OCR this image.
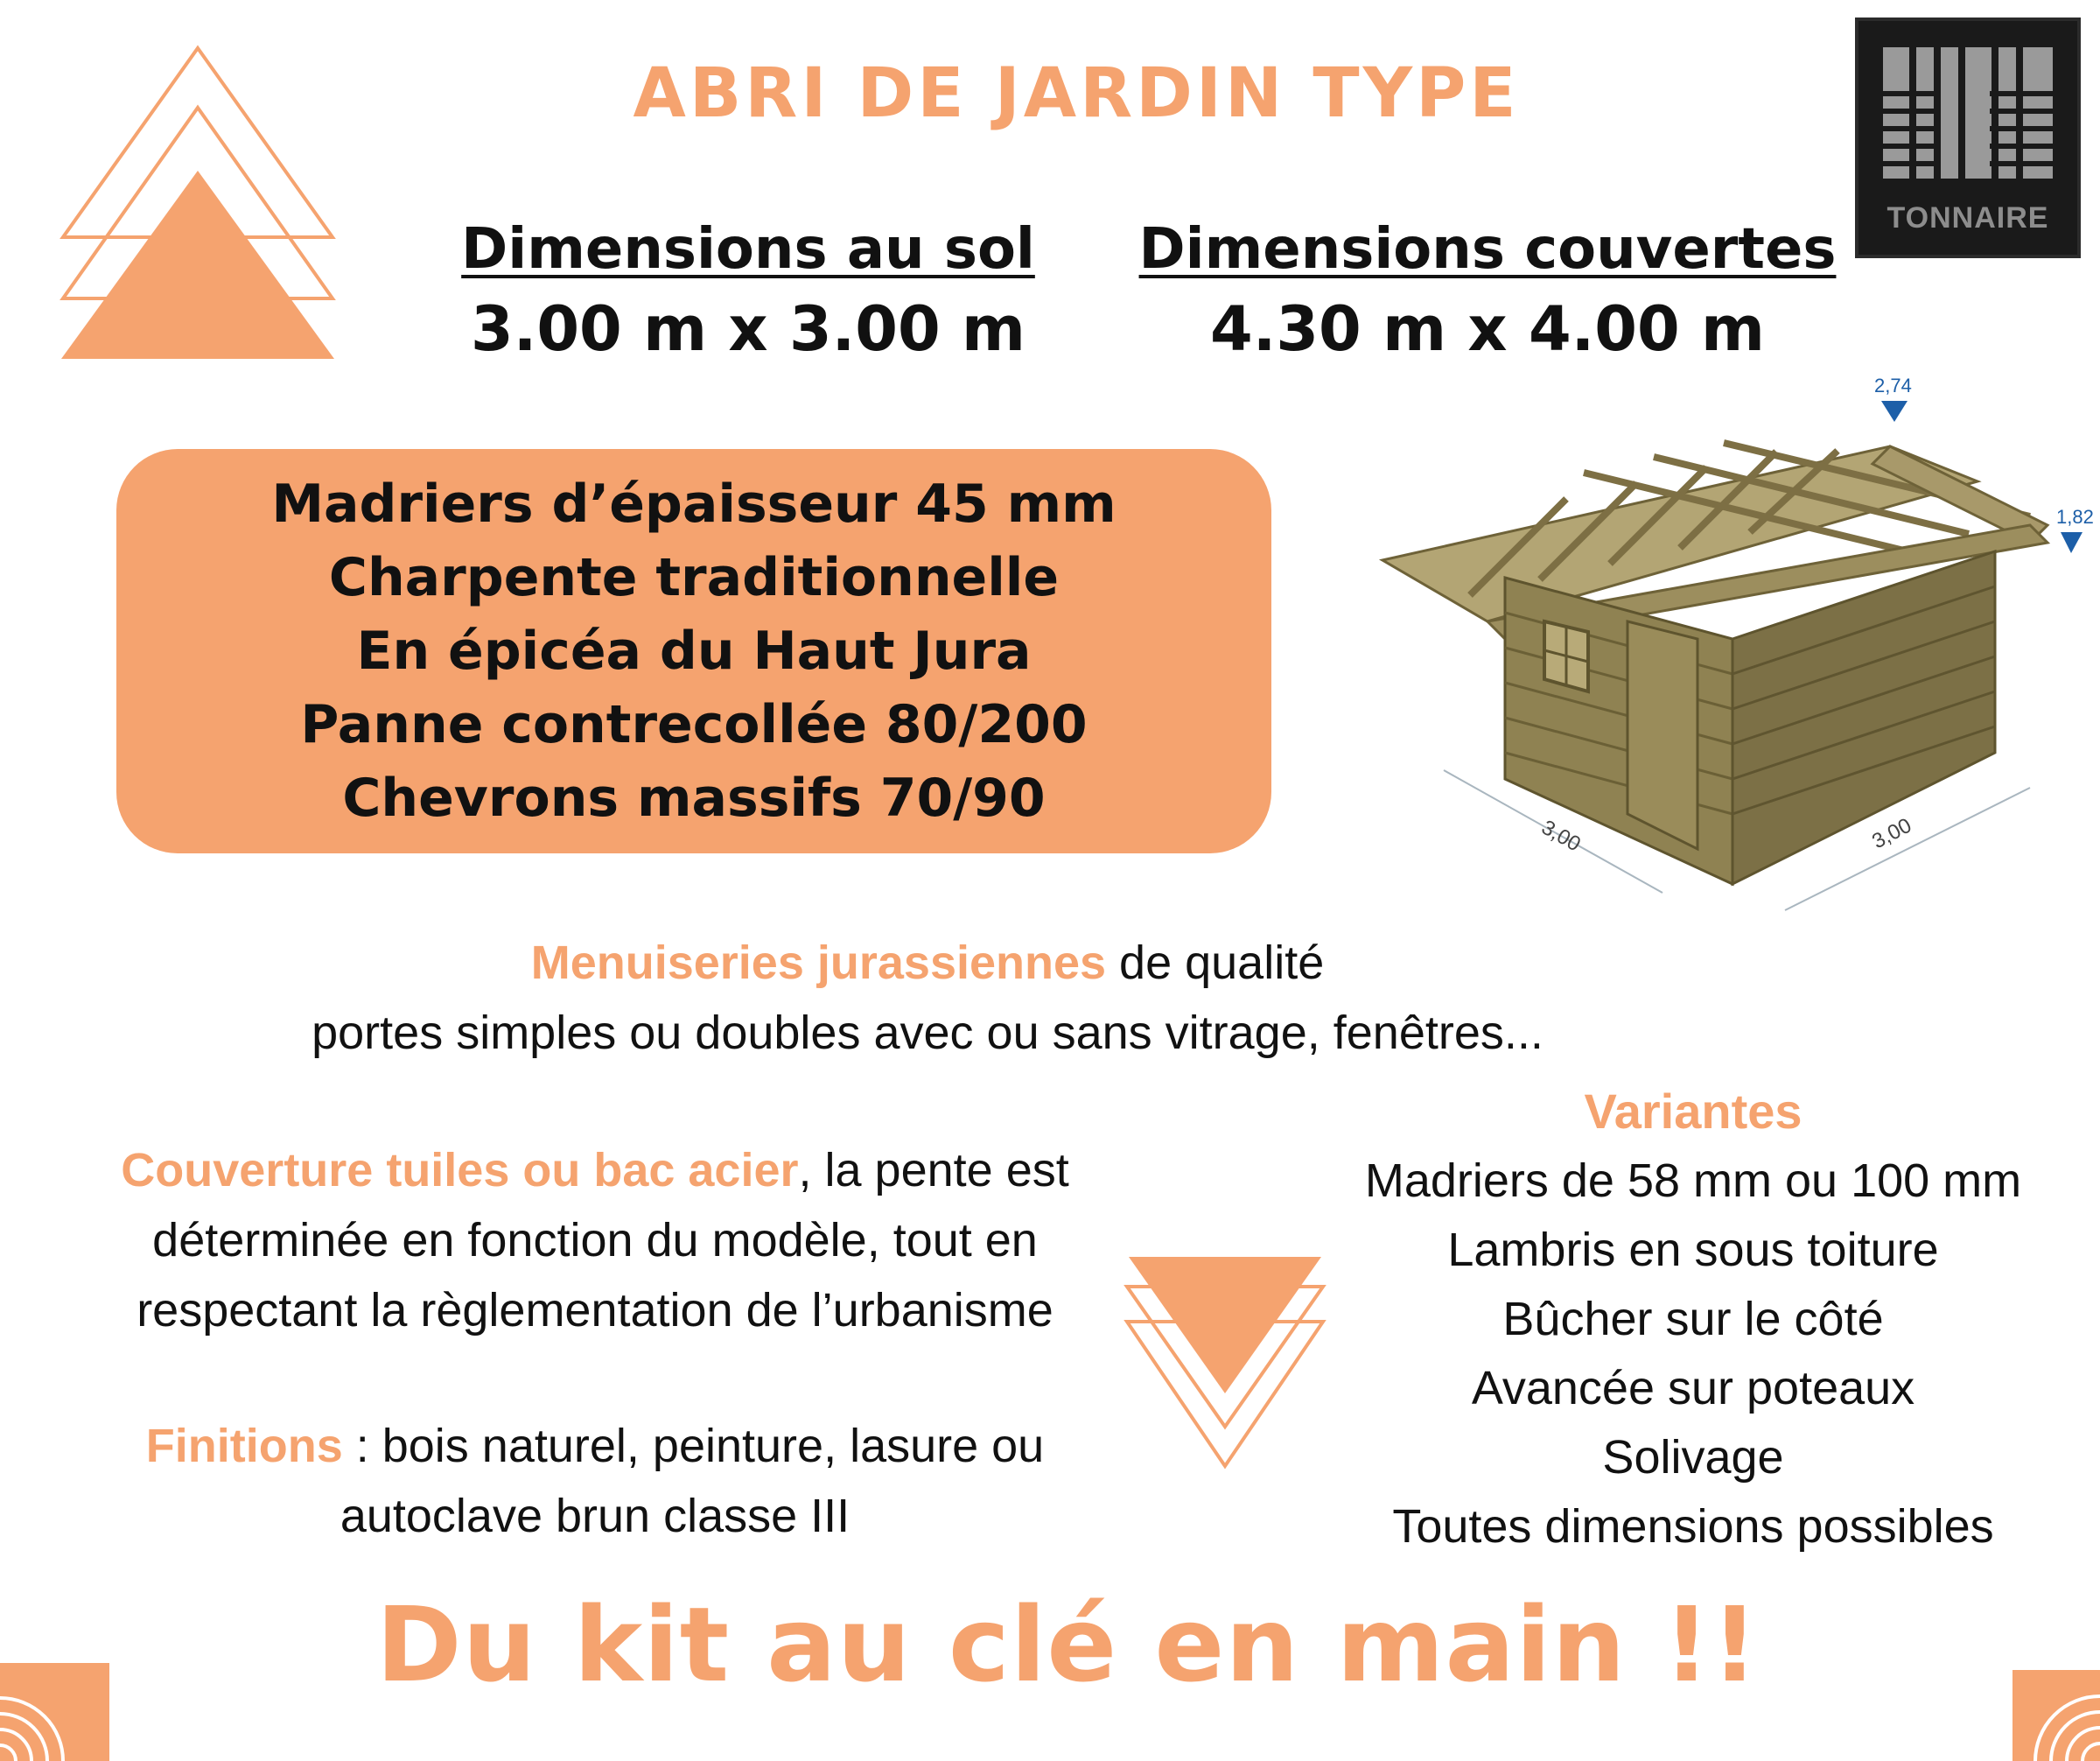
ABRI DE JARDIN TYPE
TONNAIRE
Dimensions au sol
3.00 m x 3.00 m
Dimensions couvertes
4.30 m x 4.00 m
Madriers d’épaisseur 45 mm
Charpente traditionnelle
En épicéa du Haut Jura
Panne contrecollée 80/200
Chevrons massifs 70/90
2,74
1,82
3,00	3,00
Menuiseries jurassiennes de qualité
portes simples ou doubles avec ou sans vitrage, fenêtres...
Couverture tuiles ou bac acier, la pente est
déterminée en fonction du modèle, tout en
respectant la règlementation de l’urbanisme
Finitions : bois naturel, peinture, lasure ou
autoclave brun classe III
Variantes
Madriers de 58 mm ou 100 mm
Lambris en sous toiture
Bûcher sur le côté
Avancée sur poteaux
Solivage
Toutes dimensions possibles
Du kit au clé en main !!
